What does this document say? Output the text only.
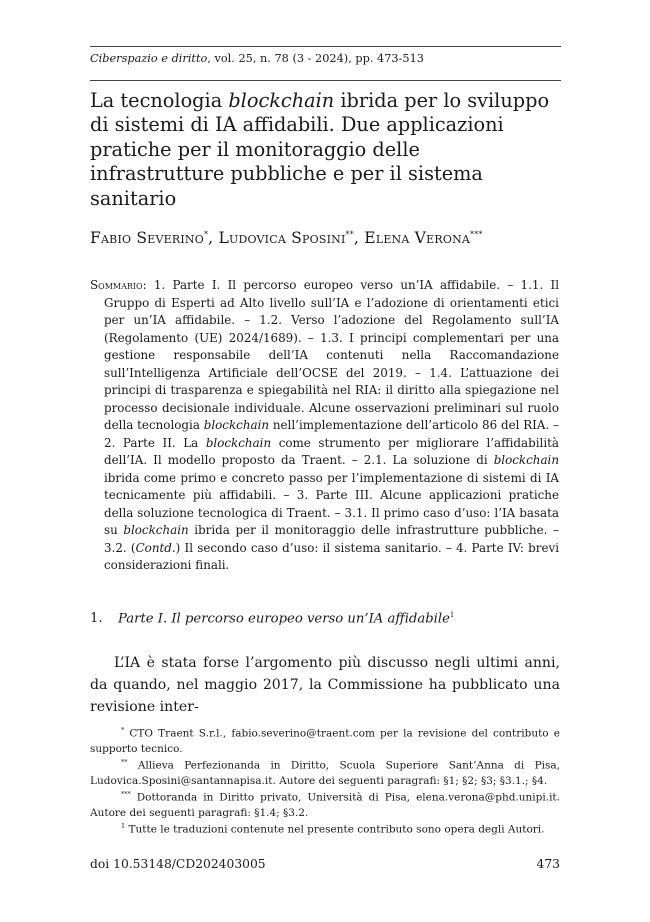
Ciberspazio e diritto, vol. 25, n. 78 (3 - 2024), pp. 473-513
La tecnologia blockchain ibrida per lo sviluppo di sistemi di IA affidabili. Due applicazioni pratiche per il monitoraggio delle infrastrutture pubbliche e per il sistema sanitario
Fabio Severino*, Ludovica Sposini**, Elena Verona***
Sommario: 1. Parte I. Il percorso europeo verso un’IA affidabile. – 1.1. Il Gruppo di Esperti ad Alto livello sull’IA e l’adozione di orientamenti etici per un’IA affidabile. – 1.2. Verso l’adozione del Regolamento sull’IA (Regolamento (UE) 2024/1689). – 1.3. I principi complementari per una gestione responsabile dell’IA contenuti nella Raccomandazione sull’Intelligenza Artificiale dell’OCSE del 2019. – 1.4. L’attuazione dei principi di trasparenza e spiegabilità nel RIA: il diritto alla spiegazione nel processo decisionale individuale. Alcune osservazioni preliminari sul ruolo della tecnologia blockchain nell’implementazione dell’articolo 86 del RIA. – 2. Parte II. La blockchain come strumento per migliorare l’affidabilità dell’IA. Il modello proposto da Traent. – 2.1. La soluzione di blockchain ibrida come primo e concreto passo per l’implementazione di sistemi di IA tecnicamente più affidabili. – 3. Parte III. Alcune applicazioni pratiche della soluzione tecnologica di Traent. – 3.1. Il primo caso d’uso: l’IA basata su blockchain ibrida per il monitoraggio delle infrastrutture pubbliche. – 3.2. (Contd.) Il secondo caso d’uso: il sistema sanitario. – 4. Parte IV: brevi considerazioni finali.
1. Parte I. Il percorso europeo verso un’IA affidabile$^1$
L’IA è stata forse l’argomento più discusso negli ultimi anni, da quando, nel maggio 2017, la Commissione ha pubblicato una revisione inter-
* CTO Traent S.r.l., fabio.severino@traent.com per la revisione del contributo e supporto tecnico.
** Allieva Perfezionanda in Diritto, Scuola Superiore Sant’Anna di Pisa, Ludovica.Sposini@santannapisa.it. Autore dei seguenti paragrafi: §1; §2; §3; §3.1.; §4.
*** Dottoranda in Diritto privato, Università di Pisa, elena.verona@phd.unipi.it. Autore dei seguenti paragrafi: §1.4; §3.2.
$^1$ Tutte le traduzioni contenute nel presente contributo sono opera degli Autori.
doi 10.53148/CD202403005	473
